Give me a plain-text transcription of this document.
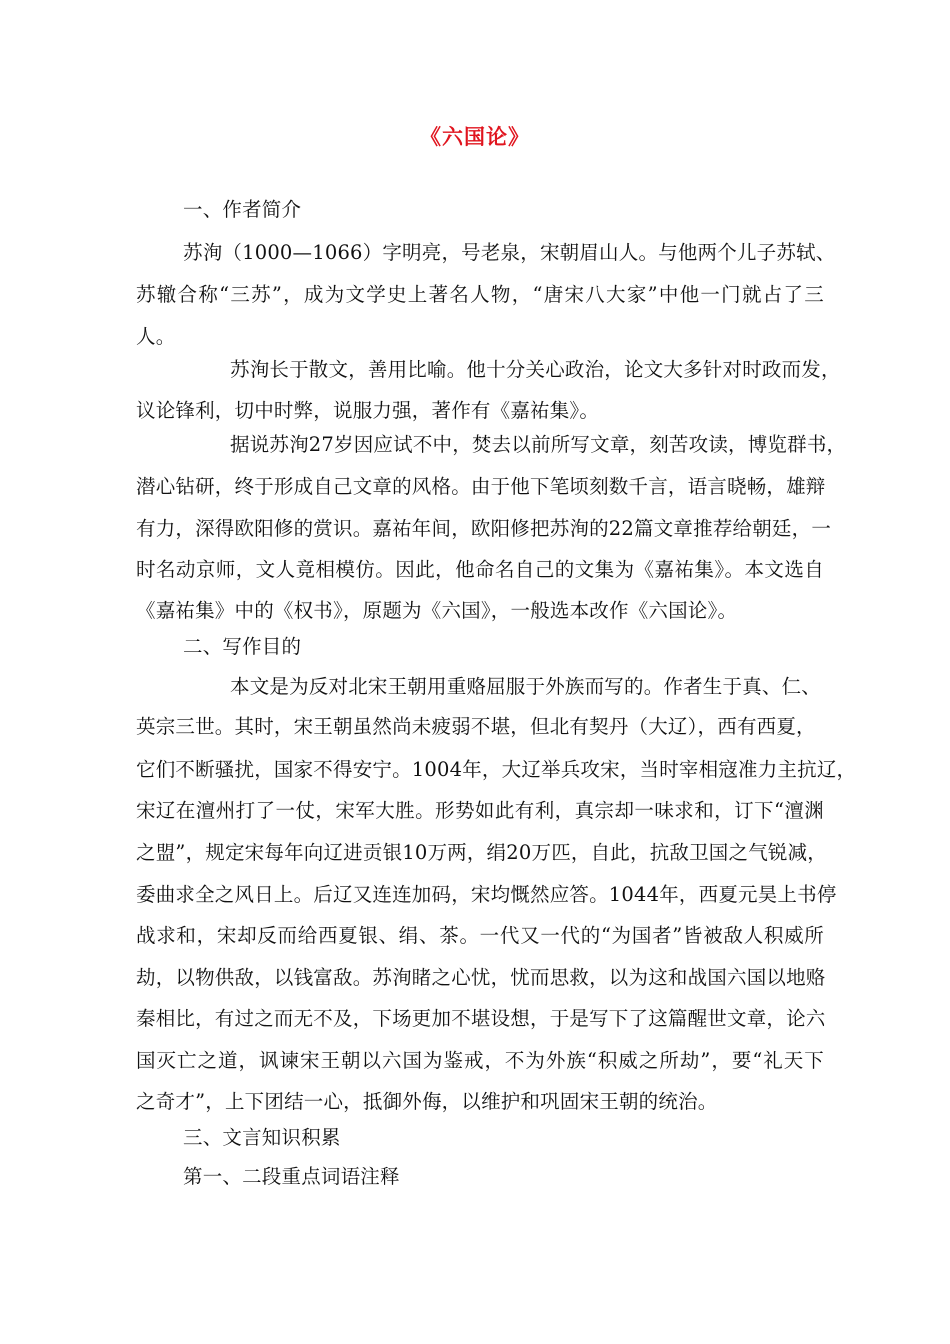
《六国论》
一、作者简介
苏洵（1000—1066）字明亮，号老泉，宋朝眉山人。与他两个儿子苏轼、
苏辙合称“三苏”，成为文学史上著名人物，“唐宋八大家”中他一门就占了三
人。
苏洵长于散文，善用比喻。他十分关心政治，论文大多针对时政而发，
议论锋利，切中时弊，说服力强，著作有《嘉祐集》。
据说苏洵27岁因应试不中，焚去以前所写文章，刻苦攻读，博览群书，
潜心钻研，终于形成自己文章的风格。由于他下笔顷刻数千言，语言晓畅，雄辩
有力，深得欧阳修的赏识。嘉祐年间，欧阳修把苏洵的22篇文章推荐给朝廷，一
时名动京师，文人竟相模仿。因此，他命名自己的文集为《嘉祐集》。本文选自
《嘉祐集》中的《权书》，原题为《六国》，一般选本改作《六国论》。
二、写作目的
本文是为反对北宋王朝用重赂屈服于外族而写的。作者生于真、仁、
英宗三世。其时，宋王朝虽然尚未疲弱不堪，但北有契丹（大辽），西有西夏，
它们不断骚扰，国家不得安宁。1004年，大辽举兵攻宋，当时宰相寇准力主抗辽，
宋辽在澶州打了一仗，宋军大胜。形势如此有利，真宗却一味求和，订下“澶渊
之盟”，规定宋每年向辽进贡银10万两，绢20万匹，自此，抗敌卫国之气锐减，
委曲求全之风日上。后辽又连连加码，宋均慨然应答。1044年，西夏元昊上书停
战求和，宋却反而给西夏银、绢、茶。一代又一代的“为国者”皆被敌人积威所
劫，以物供敌，以钱富敌。苏洵睹之心忧，忧而思救，以为这和战国六国以地赂
秦相比，有过之而无不及，下场更加不堪设想，于是写下了这篇醒世文章，论六
国灭亡之道，讽谏宋王朝以六国为鉴戒，不为外族“积威之所劫”，要“礼天下
之奇才”，上下团结一心，抵御外侮，以维护和巩固宋王朝的统治。
三、文言知识积累
第一、二段重点词语注释
